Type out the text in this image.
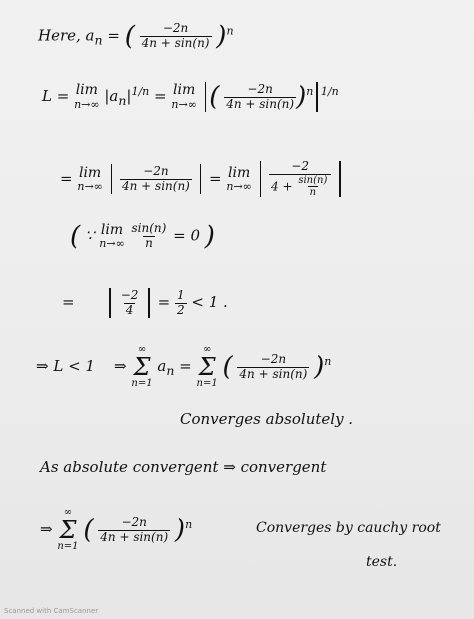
Here, $a_n$ = ( $\frac{-2n}{4n + \sin(n)} )^n$
L = lim
n→∞ $|a_n|^{1/n} = \lim$
n→∞ ( $\frac{-2n}{4n + \sin(n)} )^n$ $^{1/n}$
= lim
n→∞
$\frac{-2n}{4n + \sin(n)} = \lim$
n→∞
$\frac{-2}{4 + \frac{\sin(n)}{n}}$

( ∵ lim
n→∞
$\frac{\sin(n)}{n} = 0$ )
=	$\frac{-2}{4} = \frac{1}{2} < 1$ .
⇒ L < 1 ⇒
∞
Σ
n=1
$a_n$ =
∞
Σ
n=1
( $\frac{-2n}{4n + \sin(n)} )^n$
Converges absolutely .
As absolute convergent ⇒ convergent
⇒
∞
Σ
n=1
( $\frac{-2n}{4n + \sin(n)} )^n$	Converges by cauchy root
test.
Scanned with CamScanner
